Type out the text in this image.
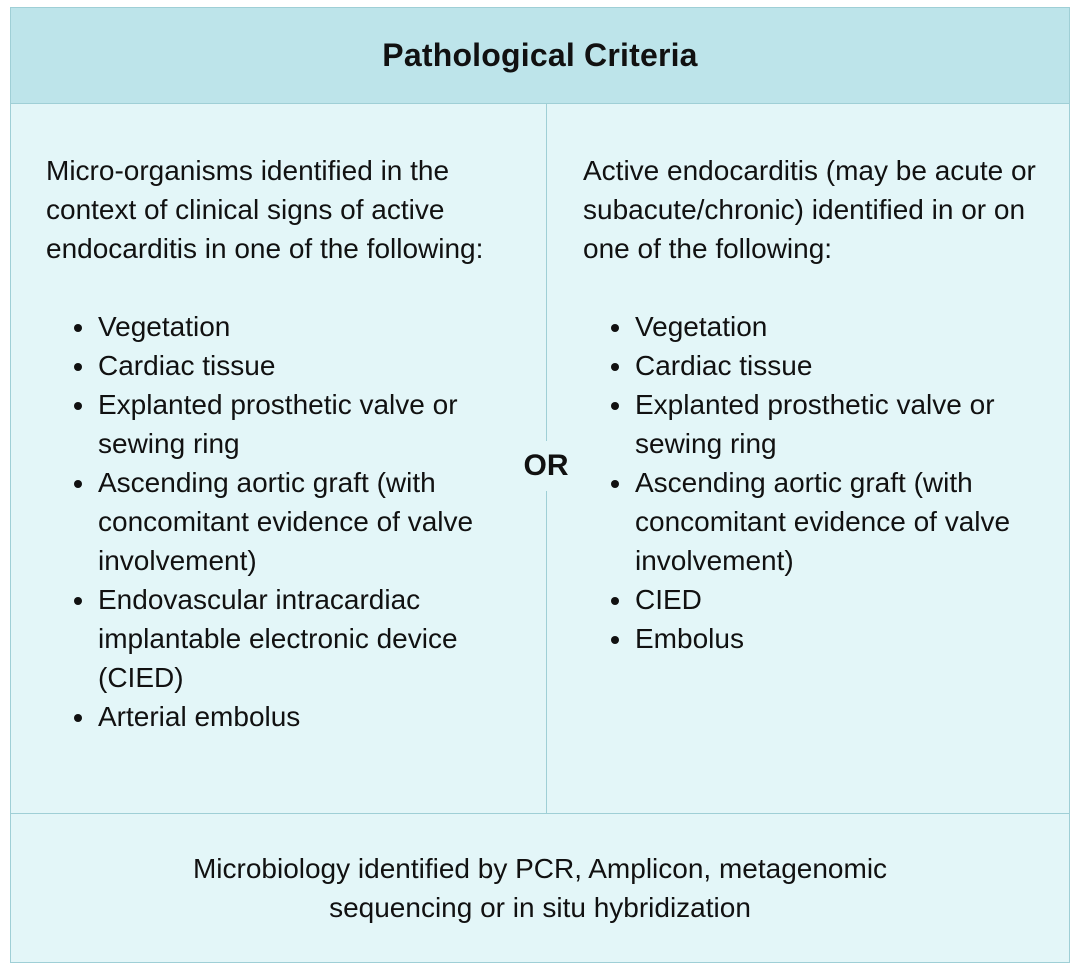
Pathological Criteria

Micro-organisms identified in the context of clinical signs of active endocarditis in one of the following:

Vegetation
Cardiac tissue
Explanted prosthetic valve or sewing ring
Ascending aortic graft (with concomitant evidence of valve involvement)
Endovascular intracardiac implantable electronic device (CIED)
Arterial embolus

Active endocarditis (may be acute or subacute/chronic) identified in or on one of the following:

Vegetation
Cardiac tissue
Explanted prosthetic valve or sewing ring
Ascending aortic graft (with concomitant evidence of valve involvement)
CIED
Embolus
OR
Microbiology identified by PCR, Amplicon, metagenomic sequencing or in situ hybridization
